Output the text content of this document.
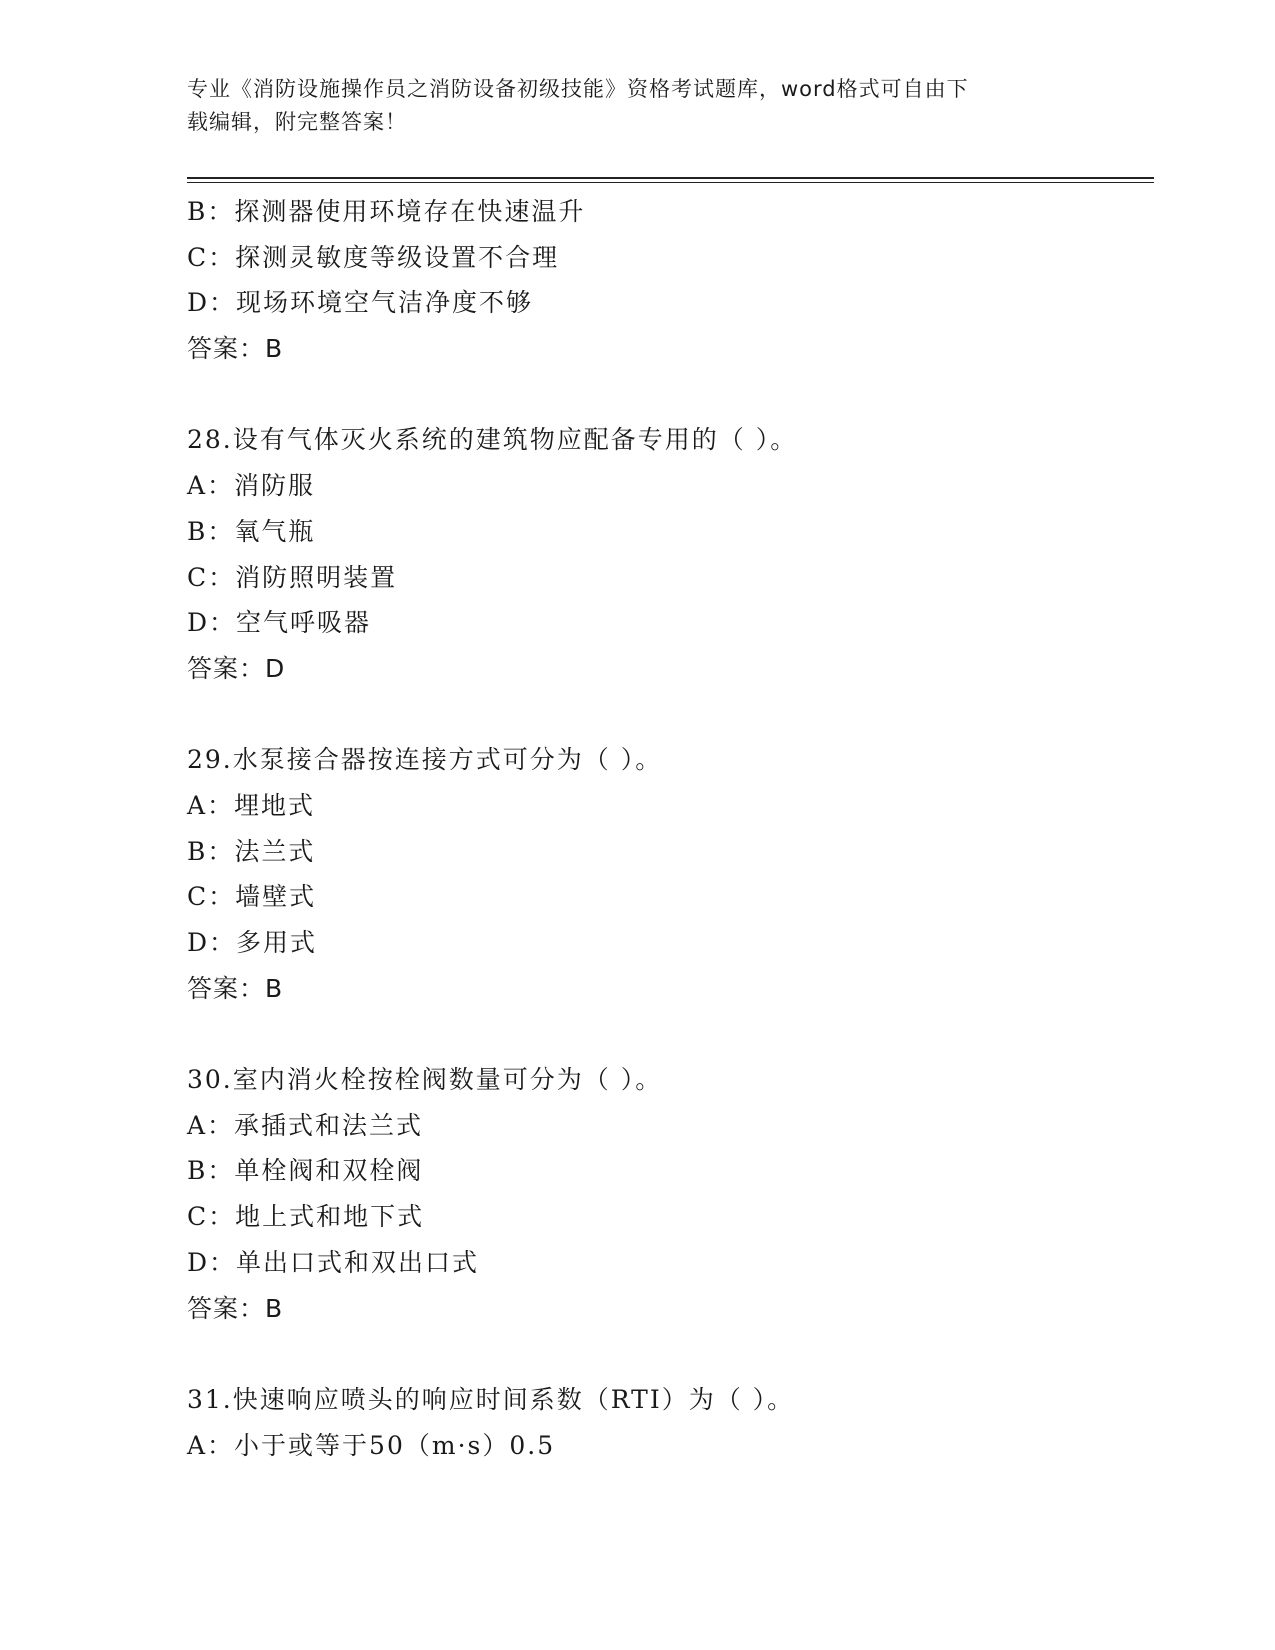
专业《消防设施操作员之消防设备初级技能》资格考试题库，word格式可自由下
载编辑，附完整答案！
B：探测器使用环境存在快速温升
C：探测灵敏度等级设置不合理
D：现场环境空气洁净度不够
答案：B
28.设有气体灭火系统的建筑物应配备专用的（ ）。
A：消防服
B：氧气瓶
C：消防照明装置
D：空气呼吸器
答案：D
29.水泵接合器按连接方式可分为（ ）。
A：埋地式
B：法兰式
C：墙壁式
D：多用式
答案：B
30.室内消火栓按栓阀数量可分为（ ）。
A：承插式和法兰式
B：单栓阀和双栓阀
C：地上式和地下式
D：单出口式和双出口式
答案：B
31.快速响应喷头的响应时间系数（RTI）为（ ）。
A：小于或等于50（m·s）0.5
